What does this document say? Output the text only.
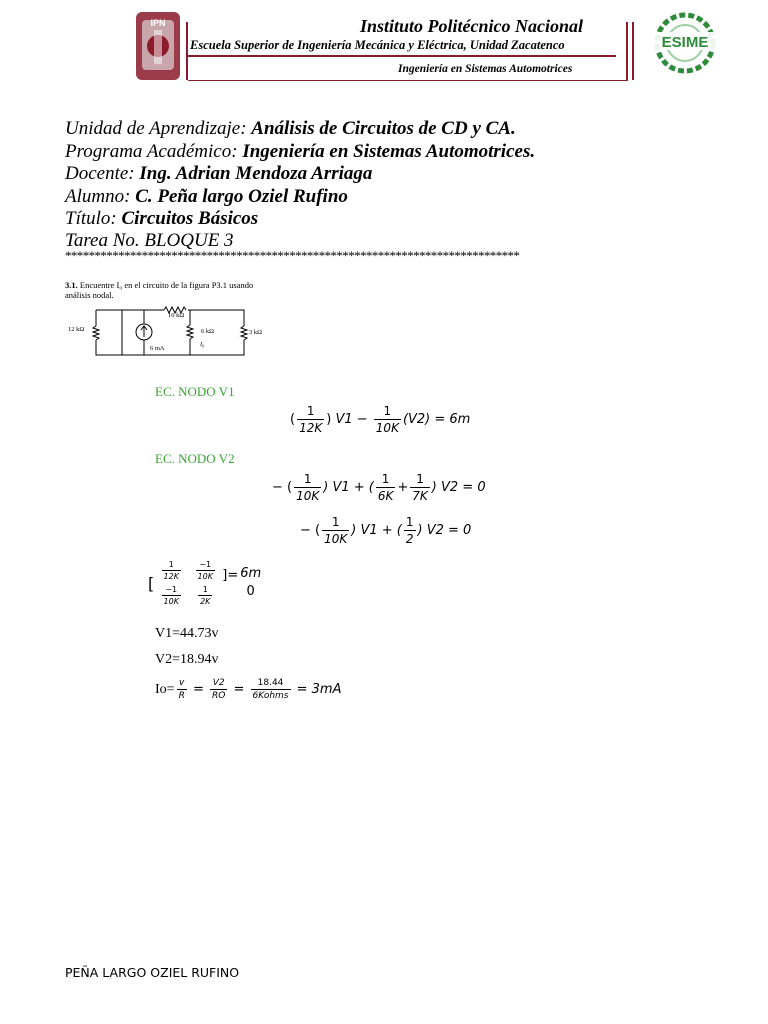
IPN	Instituto Politécnico Nacional
Escuela Superior de Ingeniería Mecánica y Eléctrica, Unidad Zacatenco
Ingeniería en Sistemas Automotrices
ESIME
Unidad de Aprendizaje: Análisis de Circuitos de CD y CA.
Programa Académico: Ingeniería en Sistemas Automotrices.
Docente: Ing. Adrian Mendoza Arriaga
Alumno: C. Peña largo Oziel Rufino
Título: Circuitos Básicos
Tarea No. BLOQUE 3
*****************************************************************************
3.1. Encuentre I₀ en el circuito de la figura P3.1 usando
análisis nodal.
10 kΩ
12 kΩ	6 kΩ	3 kΩ
6 mA
I₀
EC. NODO V1
( $\frac{1}{12K}$ )
V1
−
$\frac{1}{10K} (V2) = 6m$
EC. NODO V2
− ( $\frac{1}{10K}$ ) V1 + ( $\frac{1}{6K} + \frac{1}{7K}$ ) V2 = 0
− ( $\frac{1}{10K}$ ) V1 + ( $\frac{1}{2}$ ) V2 = 0
[
$\frac{1}{12K} \frac{-1}{10K}$
$\frac{-1}{10K} \frac{1}{2K}$
]= 6m
0
V1=44.73v
V2=18.94v
$Io= \frac{v}{R} = \frac{V2}{RO} = \frac{18.44}{\text{6Kohms}}$
= 3mA
PEÑA LARGO OZIEL RUFINO
